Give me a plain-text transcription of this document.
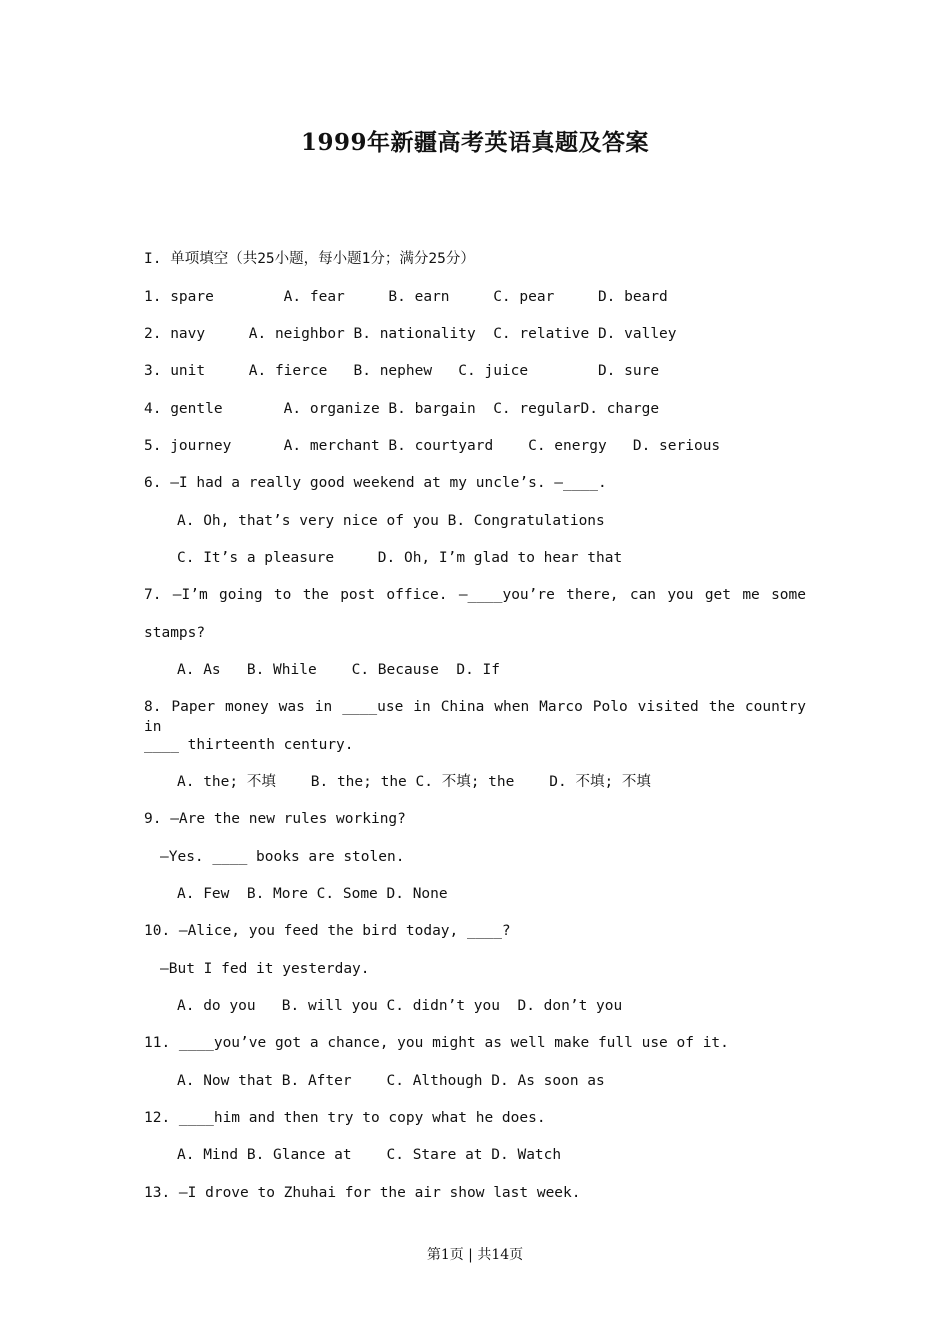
1999年新疆高考英语真题及答案
I. 单项填空（共25小题，每小题1分；满分25分）
1. spare        A. fear     B. earn     C. pear     D. beard
2. navy     A. neighbor B. nationality  C. relative D. valley
3. unit     A. fierce   B. nephew   C. juice        D. sure
4. gentle       A. organize B. bargain  C. regularD. charge
5. journey      A. merchant B. courtyard    C. energy   D. serious
6. —I had a really good weekend at my uncle’s. —____.
A. Oh, that’s very nice of you B. Congratulations
C. It’s a pleasure     D. Oh, I’m glad to hear that
7. —I’m going to the post office. —____you’re there, can you get me some
stamps?
A. As   B. While    C. Because  D. If
8. Paper money was in ____use in China when Marco Polo visited the country in
____ thirteenth century.
A. the; 不填    B. the; the C. 不填; the    D. 不填; 不填
9. —Are the new rules working?
—Yes. ____ books are stolen.
A. Few  B. More C. Some D. None
10. —Alice, you feed the bird today, ____?
—But I fed it yesterday.
A. do you   B. will you C. didn’t you  D. don’t you
11. ____you’ve got a chance, you might as well make full use of it.
A. Now that B. After    C. Although D. As soon as
12. ____him and then try to copy what he does.
A. Mind B. Glance at    C. Stare at D. Watch
13. —I drove to Zhuhai for the air show last week.
第1页 | 共14页
